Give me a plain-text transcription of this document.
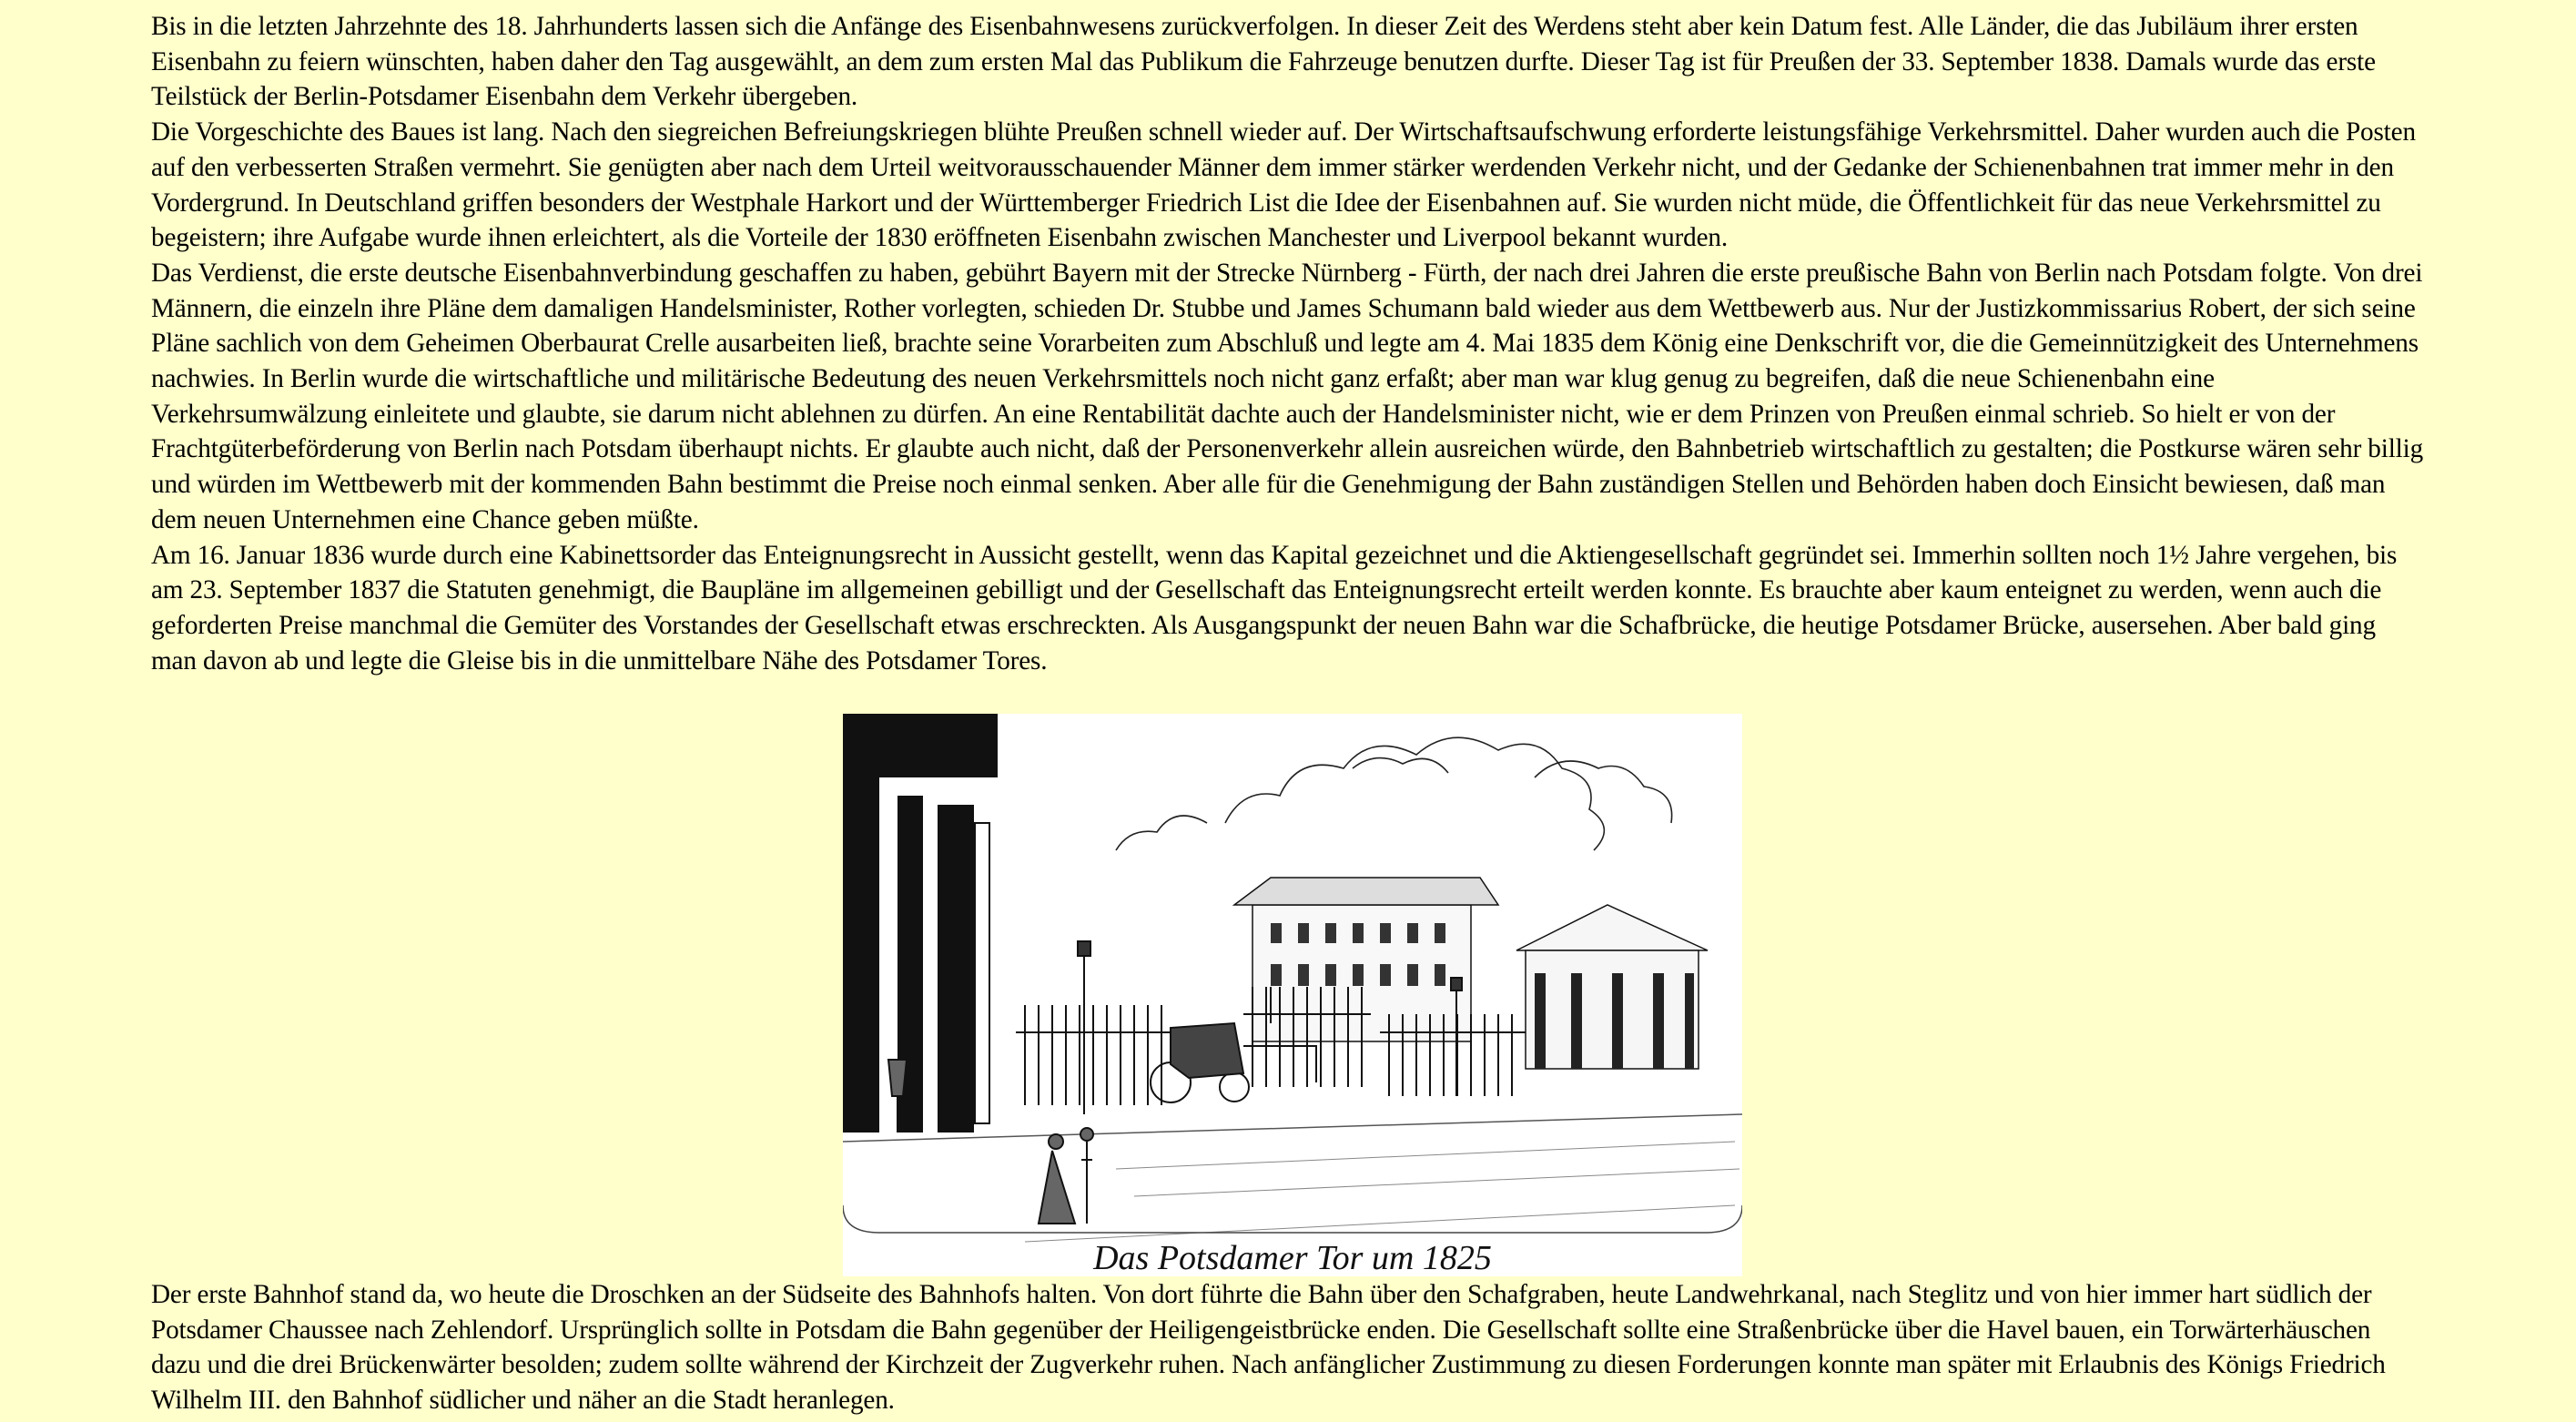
Bis in die letzten Jahrzehnte des 18. Jahrhunderts lassen sich die Anfänge des Eisenbahnwesens zurückverfolgen. In dieser Zeit des Werdens steht aber kein Datum fest. Alle Länder, die das Jubiläum ihrer ersten Eisenbahn zu feiern wünschten, haben daher den Tag ausgewählt, an dem zum ersten Mal das Publikum die Fahrzeuge benutzen durfte. Dieser Tag ist für Preußen der 33. September 1838. Damals wurde das erste Teilstück der Berlin-Potsdamer Eisenbahn dem Verkehr übergeben.

Die Vorgeschichte des Baues ist lang. Nach den siegreichen Befreiungskriegen blühte Preußen schnell wieder auf. Der Wirtschaftsaufschwung erforderte leistungsfähige Verkehrsmittel. Daher wurden auch die Posten auf den verbesserten Straßen vermehrt. Sie genügten aber nach dem Urteil weitvorausschauender Männer dem immer stärker werdenden Verkehr nicht, und der Gedanke der Schienenbahnen trat immer mehr in den Vordergrund. In Deutschland griffen besonders der Westphale Harkort und der Württemberger Friedrich List die Idee der Eisenbahnen auf. Sie wurden nicht müde, die Öffentlichkeit für das neue Verkehrsmittel zu begeistern; ihre Aufgabe wurde ihnen erleichtert, als die Vorteile der 1830 eröffneten Eisenbahn zwischen Manchester und Liverpool bekannt wurden.

Das Verdienst, die erste deutsche Eisenbahnverbindung geschaffen zu haben, gebührt Bayern mit der Strecke Nürnberg - Fürth, der nach drei Jahren die erste preußische Bahn von Berlin nach Potsdam folgte. Von drei Männern, die einzeln ihre Pläne dem damaligen Handelsminister, Rother vorlegten, schieden Dr. Stubbe und James Schumann bald wieder aus dem Wettbewerb aus. Nur der Justizkommissarius Robert, der sich seine Pläne sachlich von dem Geheimen Oberbaurat Crelle ausarbeiten ließ, brachte seine Vorarbeiten zum Abschluß und legte am 4. Mai 1835 dem König eine Denkschrift vor, die die Gemeinnützigkeit des Unternehmens nachwies. In Berlin wurde die wirtschaftliche und militärische Bedeutung des neuen Verkehrsmittels noch nicht ganz erfaßt; aber man war klug genug zu begreifen, daß die neue Schienenbahn eine Verkehrsumwälzung einleitete und glaubte, sie darum nicht ablehnen zu dürfen. An eine Rentabilität dachte auch der Handelsminister nicht, wie er dem Prinzen von Preußen einmal schrieb. So hielt er von der Frachtgüterbeförderung von Berlin nach Potsdam überhaupt nichts. Er glaubte auch nicht, daß der Personenverkehr allein ausreichen würde, den Bahnbetrieb wirtschaftlich zu gestalten; die Postkurse wären sehr billig und würden im Wettbewerb mit der kommenden Bahn bestimmt die Preise noch einmal senken. Aber alle für die Genehmigung der Bahn zuständigen Stellen und Behörden haben doch Einsicht bewiesen, daß man dem neuen Unternehmen eine Chance geben müßte.

Am 16. Januar 1836 wurde durch eine Kabinettsorder das Enteignungsrecht in Aussicht gestellt, wenn das Kapital gezeichnet und die Aktiengesellschaft gegründet sei. Immerhin sollten noch 1½ Jahre vergehen, bis am 23. September 1837 die Statuten genehmigt, die Baupläne im allgemeinen gebilligt und der Gesellschaft das Enteignungsrecht erteilt werden konnte. Es brauchte aber kaum enteignet zu werden, wenn auch die geforderten Preise manchmal die Gemüter des Vorstandes der Gesellschaft etwas erschreckten. Als Ausgangspunkt der neuen Bahn war die Schafbrücke, die heutige Potsdamer Brücke, ausersehen. Aber bald ging man davon ab und legte die Gleise bis in die unmittelbare Nähe des Potsdamer Tores.

Das Potsdamer Tor um 1825

Der erste Bahnhof stand da, wo heute die Droschken an der Südseite des Bahnhofs halten. Von dort führte die Bahn über den Schafgraben, heute Landwehrkanal, nach Steglitz und von hier immer hart südlich der Potsdamer Chaussee nach Zehlendorf. Ursprünglich sollte in Potsdam die Bahn gegenüber der Heiligengeistbrücke enden. Die Gesellschaft sollte eine Straßenbrücke über die Havel bauen, ein Torwärterhäuschen dazu und die drei Brückenwärter besolden; zudem sollte während der Kirchzeit der Zugverkehr ruhen. Nach anfänglicher Zustimmung zu diesen Forderungen konnte man später mit Erlaubnis des Königs Friedrich Wilhelm III. den Bahnhof südlicher und näher an die Stadt heranlegen.
